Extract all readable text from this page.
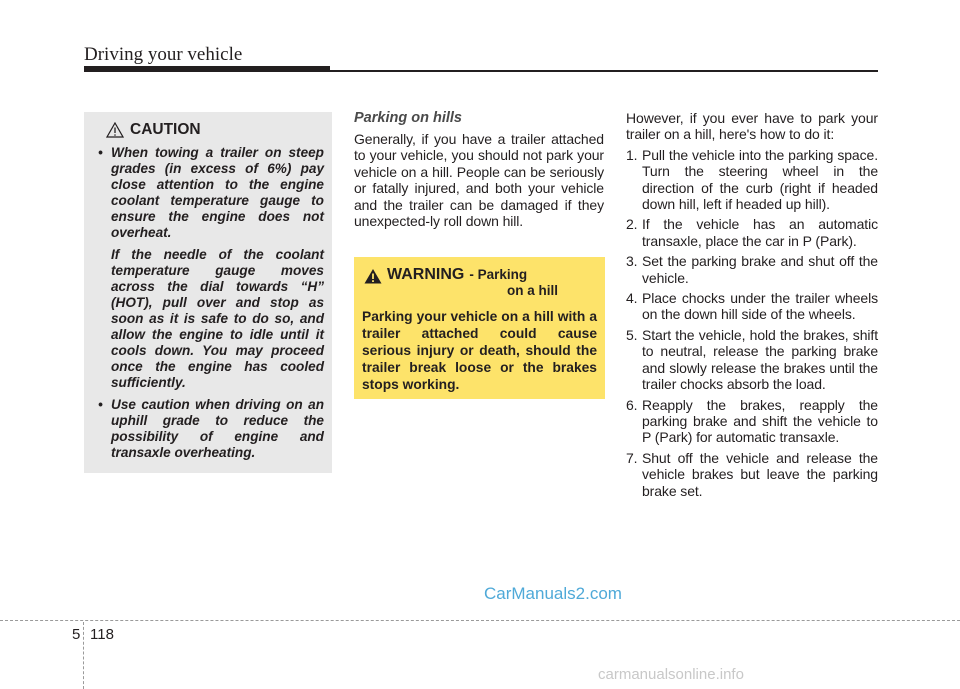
Driving your vehicle
CAUTION
• When towing a trailer on steep grades (in excess of 6%) pay close attention to the engine coolant temperature gauge to ensure the engine does not overheat.
If the needle of the coolant temperature gauge moves across the dial towards “H” (HOT), pull over and stop as soon as it is safe to do so, and allow the engine to idle until it cools down. You may proceed once the engine has cooled sufficiently.
• Use caution when driving on an uphill grade to reduce the possibility of engine and transaxle overheating.
Parking on hills

Generally, if you have a trailer attached to your vehicle, you should not park your vehicle on a hill. People can be seriously or fatally injured, and both your vehicle and the trailer can be damaged if they unexpected-ly roll down hill.

WARNING - Parking
on a hill
Parking your vehicle on a hill with a trailer attached could cause serious injury or death, should the trailer break loose or the brakes stops working.

However, if you ever have to park your trailer on a hill, here's how to do it:

1. Pull the vehicle into the parking space. Turn the steering wheel in the direction of the curb (right if headed down hill, left if headed up hill).
2. If the vehicle has an automatic transaxle, place the car in P (Park).
3. Set the parking brake and shut off the vehicle.
4. Place chocks under the trailer wheels on the down hill side of the wheels.
5. Start the vehicle, hold the brakes, shift to neutral, release the parking brake and slowly release the brakes until the trailer chocks absorb the load.
6. Reapply the brakes, reapply the parking brake and shift the vehicle to P (Park) for automatic transaxle.
7. Shut off the vehicle and release the vehicle brakes but leave the parking brake set.
CarManuals2.com
5 118
carmanualsonline.info
